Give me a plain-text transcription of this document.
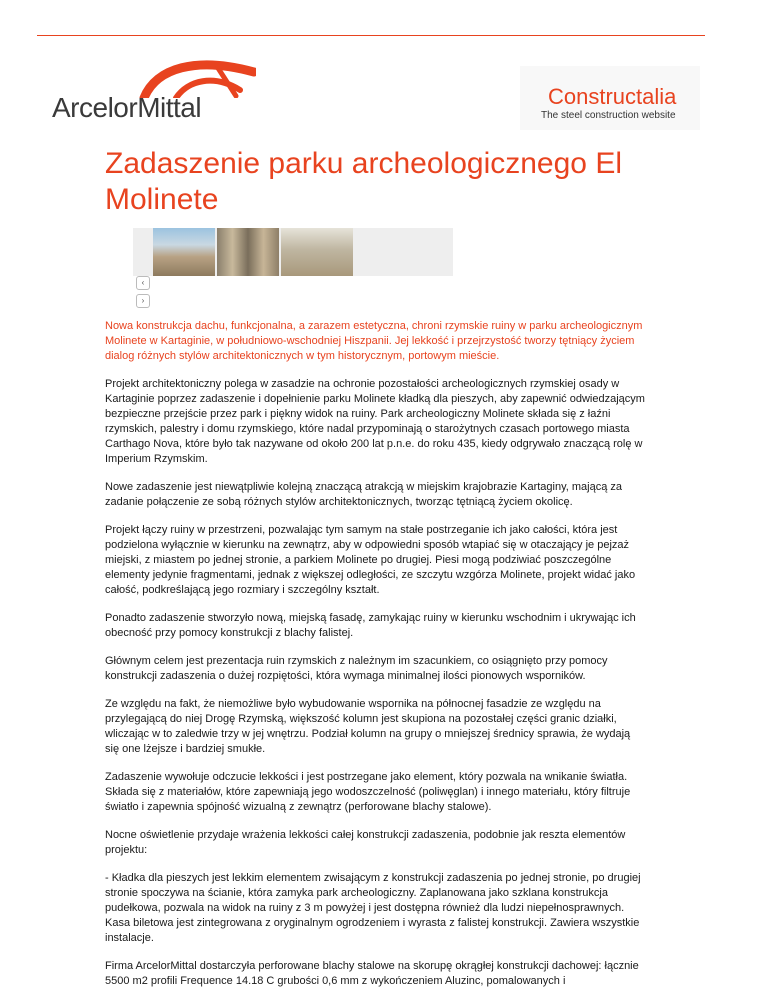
ArcelorMittal	Constructalia
The steel construction website
Zadaszenie parku archeologicznego El Molinete
‹
›

Nowa konstrukcja dachu, funkcjonalna, a zarazem estetyczna, chroni rzymskie ruiny w parku archeologicznym Molinete w Kartaginie, w południowo-wschodniej Hiszpanii. Jej lekkość i przejrzystość tworzy tętniący życiem dialog różnych stylów architektonicznych w tym historycznym, portowym mieście.

Projekt architektoniczny polega w zasadzie na ochronie pozostałości archeologicznych rzymskiej osady w Kartaginie poprzez zadaszenie i dopełnienie parku Molinete kładką dla pieszych, aby zapewnić odwiedzającym bezpieczne przejście przez park i piękny widok na ruiny. Park archeologiczny Molinete składa się z łaźni rzymskich, palestry i domu rzymskiego, które nadal przypominają o starożytnych czasach portowego miasta Carthago Nova, które było tak nazywane od około 200 lat p.n.e. do roku 435, kiedy odgrywało znaczącą rolę w Imperium Rzymskim.

Nowe zadaszenie jest niewątpliwie kolejną znaczącą atrakcją w miejskim krajobrazie Kartaginy, mającą za zadanie połączenie ze sobą różnych stylów architektonicznych, tworząc tętniącą życiem okolicę.

Projekt łączy ruiny w przestrzeni, pozwalając tym samym na stałe postrzeganie ich jako całości, która jest podzielona wyłącznie w kierunku na zewnątrz, aby w odpowiedni sposób wtapiać się w otaczający je pejzaż miejski, z miastem po jednej stronie, a parkiem Molinete po drugiej. Piesi mogą podziwiać poszczególne elementy jedynie fragmentami, jednak z większej odległości, ze szczytu wzgórza Molinete, projekt widać jako całość, podkreślającą jego rozmiary i szczególny kształt.

Ponadto zadaszenie stworzyło nową, miejską fasadę, zamykając ruiny w kierunku wschodnim i ukrywając ich obecność przy pomocy konstrukcji z blachy falistej.

Głównym celem jest prezentacja ruin rzymskich z należnym im szacunkiem, co osiągnięto przy pomocy konstrukcji zadaszenia o dużej rozpiętości, która wymaga minimalnej ilości pionowych wsporników.

Ze względu na fakt, że niemożliwe było wybudowanie wspornika na północnej fasadzie ze względu na przylegającą do niej Drogę Rzymską, większość kolumn jest skupiona na pozostałej części granic działki, wliczając w to zaledwie trzy w jej wnętrzu. Podział kolumn na grupy o mniejszej średnicy sprawia, że wydają się one lżejsze i bardziej smukłe.

Zadaszenie wywołuje odczucie lekkości i jest postrzegane jako element, który pozwala na wnikanie światła. Składa się z materiałów, które zapewniają jego wodoszczelność (poliwęglan) i innego materiału, który filtruje światło i zapewnia spójność wizualną z zewnątrz (perforowane blachy stalowe).

Nocne oświetlenie przydaje wrażenia lekkości całej konstrukcji zadaszenia, podobnie jak reszta elementów projektu:

- Kładka dla pieszych jest lekkim elementem zwisającym z konstrukcji zadaszenia po jednej stronie, po drugiej stronie spoczywa na ścianie, która zamyka park archeologiczny. Zaplanowana jako szklana konstrukcja pudełkowa, pozwala na widok na ruiny z 3 m powyżej i jest dostępna również dla ludzi niepełnosprawnych. Kasa biletowa jest zintegrowana z oryginalnym ogrodzeniem i wyrasta z falistej konstrukcji. Zawiera wszystkie instalacje.

Firma ArcelorMittal dostarczyła perforowane blachy stalowe na skorupę okrągłej konstrukcji dachowej: łącznie 5500 m2 profili Frequence 14.18 C grubości 0,6 mm z wykończeniem Aluzinc, pomalowanych i
